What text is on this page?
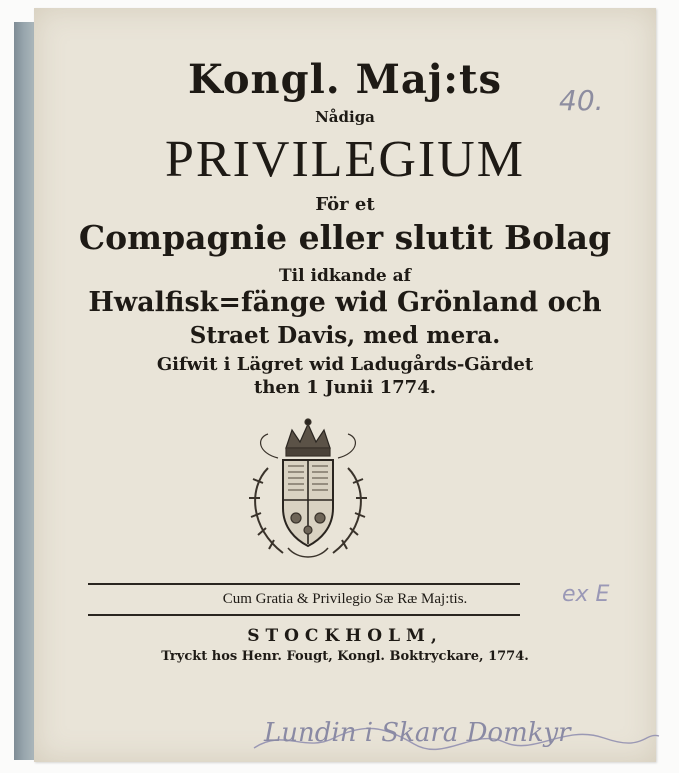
Kongl. Maj:ts

Nådiga

PRIVILEGIUM

För et

Compagnie eller slutit Bolag

Til idkande af

Hwalfisk=fänge wid Grönland och

Straet Davis, med mera.

Gifwit i Lägret wid Ladugårds-Gärdet

then 1 Junii 1774.

40.
ex E

Cum Gratia & Privilegio Sæ Ræ Maj:tis.

STOCKHOLM,

Tryckt hos Henr. Fougt, Kongl. Boktryckare, 1774.

Lundin i Skara Domkyr
